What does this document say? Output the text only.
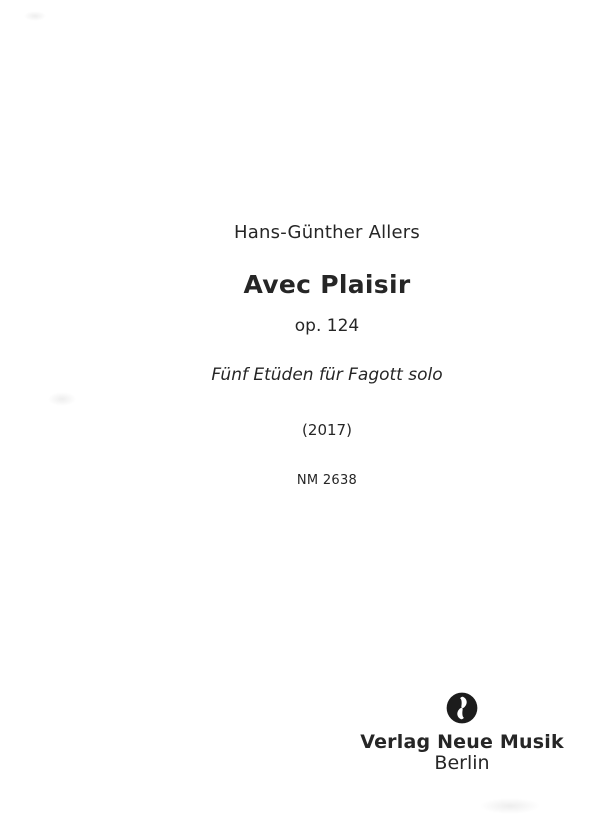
Hans-Günther Allers
Avec Plaisir
op. 124
Fünf Etüden für Fagott solo
(2017)
NM 2638
Verlag Neue Musik
Berlin
